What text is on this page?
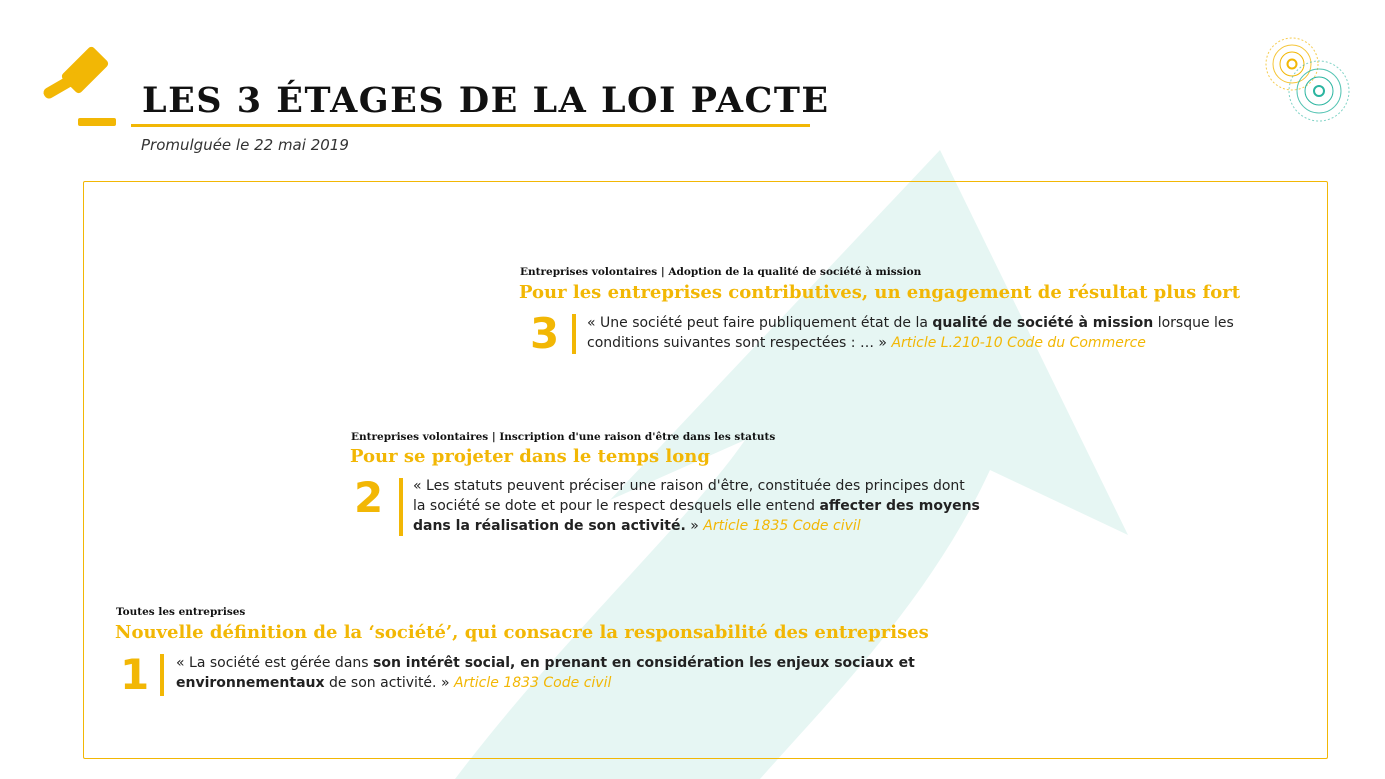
LES 3 ÉTAGES DE LA LOI PACTE
Promulguée le 22 mai 2019
Entreprises volontaires | Adoption de la qualité de société à mission
Pour les entreprises contributives, un engagement de résultat plus fort
3 « Une société peut faire publiquement état de la qualité de société à mission lorsque les
conditions suivantes sont respectées : … » Article L.210-10 Code du Commerce
Entreprises volontaires | Inscription d'une raison d'être dans les statuts
Pour se projeter dans le temps long
2 « Les statuts peuvent préciser une raison d'être, constituée des principes dont
la société se dote et pour le respect desquels elle entend affecter des moyens
dans la réalisation de son activité. » Article 1835 Code civil
Toutes les entreprises
Nouvelle définition de la ‘société’, qui consacre la responsabilité des entreprises
1 « La société est gérée dans son intérêt social, en prenant en considération les enjeux sociaux et
environnementaux de son activité. » Article 1833 Code civil
